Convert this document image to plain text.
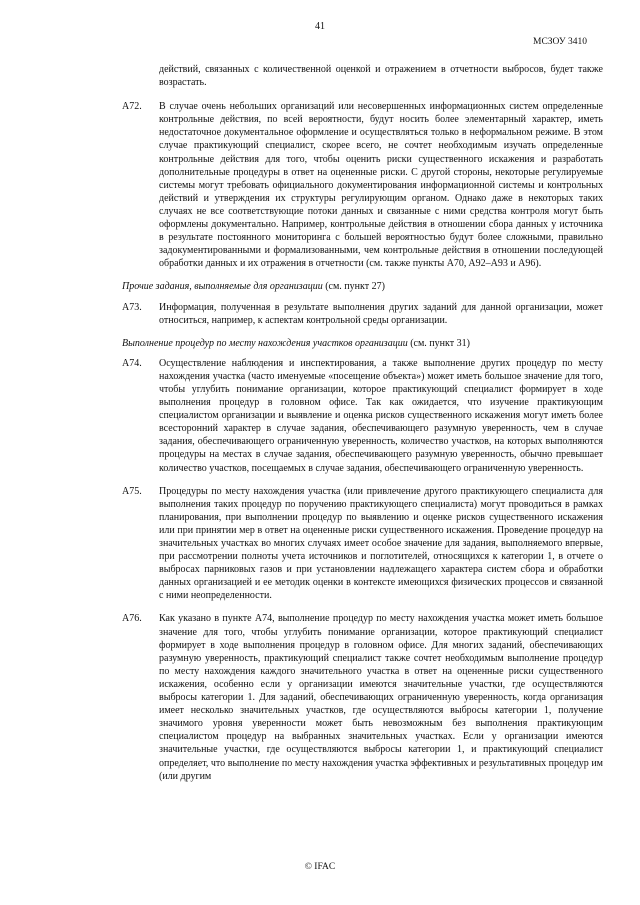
41
МСЗОУ 3410

действий, связанных с количественной оценкой и отражением в отчетности выбросов, будет также возрастать.

A72.	В случае очень небольших организаций или несовершенных информационных систем определенные контрольные действия, по всей вероятности, будут носить более элементарный характер, иметь недостаточное документальное оформление и осуществляться только в неформальном режиме. В этом случае практикующий специалист, скорее всего, не сочтет необходимым изучать определенные контрольные действия для того, чтобы оценить риски существенного искажения и разработать дополнительные процедуры в ответ на оцененные риски. С другой стороны, некоторые регулируемые системы могут требовать официального документирования информационной системы и контрольных действий и утверждения их структуры регулирующим органом. Однако даже в некоторых таких случаях не все соответствующие потоки данных и связанные с ними средства контроля могут быть оформлены документально. Например, контрольные действия в отношении сбора данных у источника в результате постоянного мониторинга с большей вероятностью будут более сложными, правильно задокументированными и формализованными, чем контрольные действия в отношении последующей обработки данных и их отражения в отчетности (см. также пункты A70, A92–A93 и A96).

Прочие задания, выполняемые для организации (см. пункт 27)

A73.	Информация, полученная в результате выполнения других заданий для данной организации, может относиться, например, к аспектам контрольной среды организации.

Выполнение процедур по месту нахождения участков организации (см. пункт 31)

A74.	Осуществление наблюдения и инспектирования, а также выполнение других процедур по месту нахождения участка (часто именуемые «посещение объекта») может иметь большое значение для того, чтобы углубить понимание организации, которое практикующий специалист формирует в ходе выполнения процедур в головном офисе. Так как ожидается, что изучение практикующим специалистом организации и выявление и оценка рисков существенного искажения могут иметь более всесторонний характер в случае задания, обеспечивающего разумную уверенность, чем в случае задания, обеспечивающего ограниченную уверенность, количество участков, на которых выполняются процедуры на местах в случае задания, обеспечивающего разумную уверенность, обычно превышает количество участков, посещаемых в случае задания, обеспечивающего ограниченную уверенность.
A75.	Процедуры по месту нахождения участка (или привлечение другого практикующего специалиста для выполнения таких процедур по поручению практикующего специалиста) могут проводиться в рамках планирования, при выполнении процедур по выявлению и оценке рисков существенного искажения или при принятии мер в ответ на оцененные риски существенного искажения. Проведение процедур на значительных участках во многих случаях имеет особое значение для задания, выполняемого впервые, при рассмотрении полноты учета источников и поглотителей, относящихся к категории 1, в отчете о выбросах парниковых газов и при установлении надлежащего характера систем сбора и обработки данных организацией и ее методик оценки в контексте имеющихся физических процессов и связанной с ними неопределенности.
A76.	Как указано в пункте A74, выполнение процедур по месту нахождения участка может иметь большое значение для того, чтобы углубить понимание организации, которое практикующий специалист формирует в ходе выполнения процедур в головном офисе. Для многих заданий, обеспечивающих разумную уверенность, практикующий специалист также сочтет необходимым выполнение процедур по месту нахождения каждого значительного участка в ответ на оцененные риски существенного искажения, особенно если у организации имеются значительные участки, где осуществляются выбросы категории 1. Для заданий, обеспечивающих ограниченную уверенность, когда организация имеет несколько значительных участков, где осуществляются выбросы категории 1, получение значимого уровня уверенности может быть невозможным без выполнения практикующим специалистом процедур на выбранных значительных участках. Если у организации имеются значительные участки, где осуществляются выбросы категории 1, и практикующий специалист определяет, что выполнение по месту нахождения участка эффективных и результативных процедур им (или другим
© IFAC
